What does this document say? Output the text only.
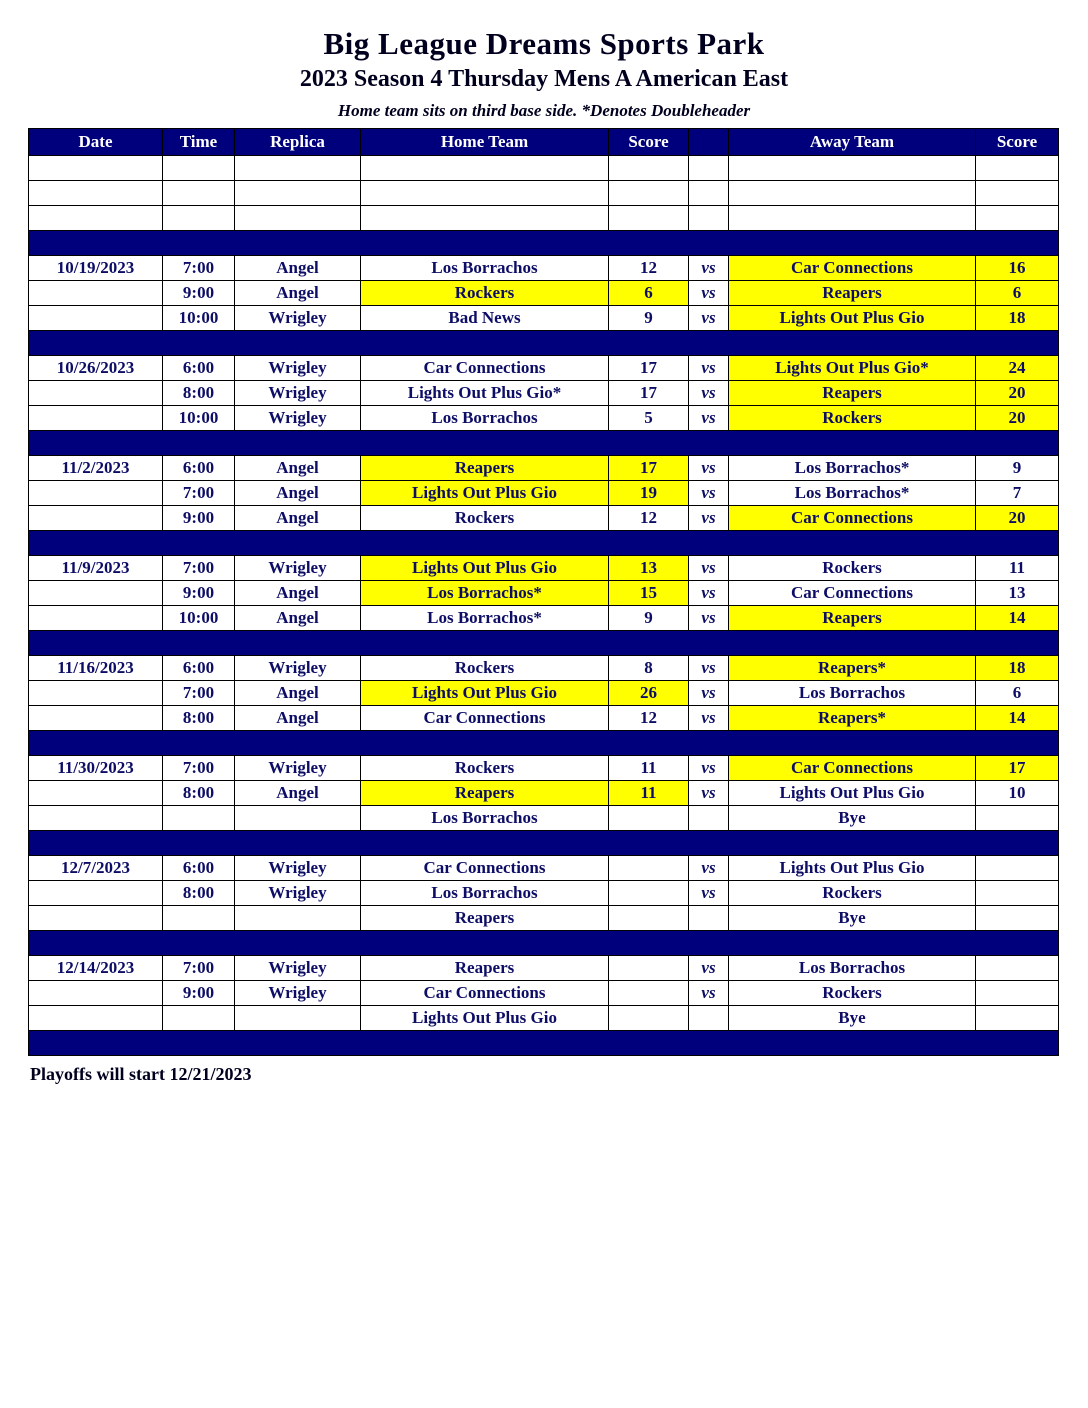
Big League Dreams Sports Park
2023 Season 4 Thursday Mens A American East

Home team sits on third base side. *Denotes Doubleheader

Date	Time	Replica	Home Team	Score		Away Team	Score

10/19/2023	7:00	Angel	Los Borrachos	12	vs	Car Connections	16
	9:00	Angel	Rockers	6	vs	Reapers	6
	10:00	Wrigley	Bad News	9	vs	Lights Out Plus Gio	18

10/26/2023	6:00	Wrigley	Car Connections	17	vs	Lights Out Plus Gio*	24
	8:00	Wrigley	Lights Out Plus Gio*	17	vs	Reapers	20
	10:00	Wrigley	Los Borrachos	5	vs	Rockers	20

11/2/2023	6:00	Angel	Reapers	17	vs	Los Borrachos*	9
	7:00	Angel	Lights Out Plus Gio	19	vs	Los Borrachos*	7
	9:00	Angel	Rockers	12	vs	Car Connections	20

11/9/2023	7:00	Wrigley	Lights Out Plus Gio	13	vs	Rockers	11
	9:00	Angel	Los Borrachos*	15	vs	Car Connections	13
	10:00	Angel	Los Borrachos*	9	vs	Reapers	14

11/16/2023	6:00	Wrigley	Rockers	8	vs	Reapers*	18
	7:00	Angel	Lights Out Plus Gio	26	vs	Los Borrachos	6
	8:00	Angel	Car Connections	12	vs	Reapers*	14

11/30/2023	7:00	Wrigley	Rockers	11	vs	Car Connections	17
	8:00	Angel	Reapers	11	vs	Lights Out Plus Gio	10
			Los Borrachos			Bye	

12/7/2023	6:00	Wrigley	Car Connections		vs	Lights Out Plus Gio	
	8:00	Wrigley	Los Borrachos		vs	Rockers	
			Reapers			Bye	

12/14/2023	7:00	Wrigley	Reapers		vs	Los Borrachos	
	9:00	Wrigley	Car Connections		vs	Rockers	
			Lights Out Plus Gio			Bye	

Playoffs will start 12/21/2023
